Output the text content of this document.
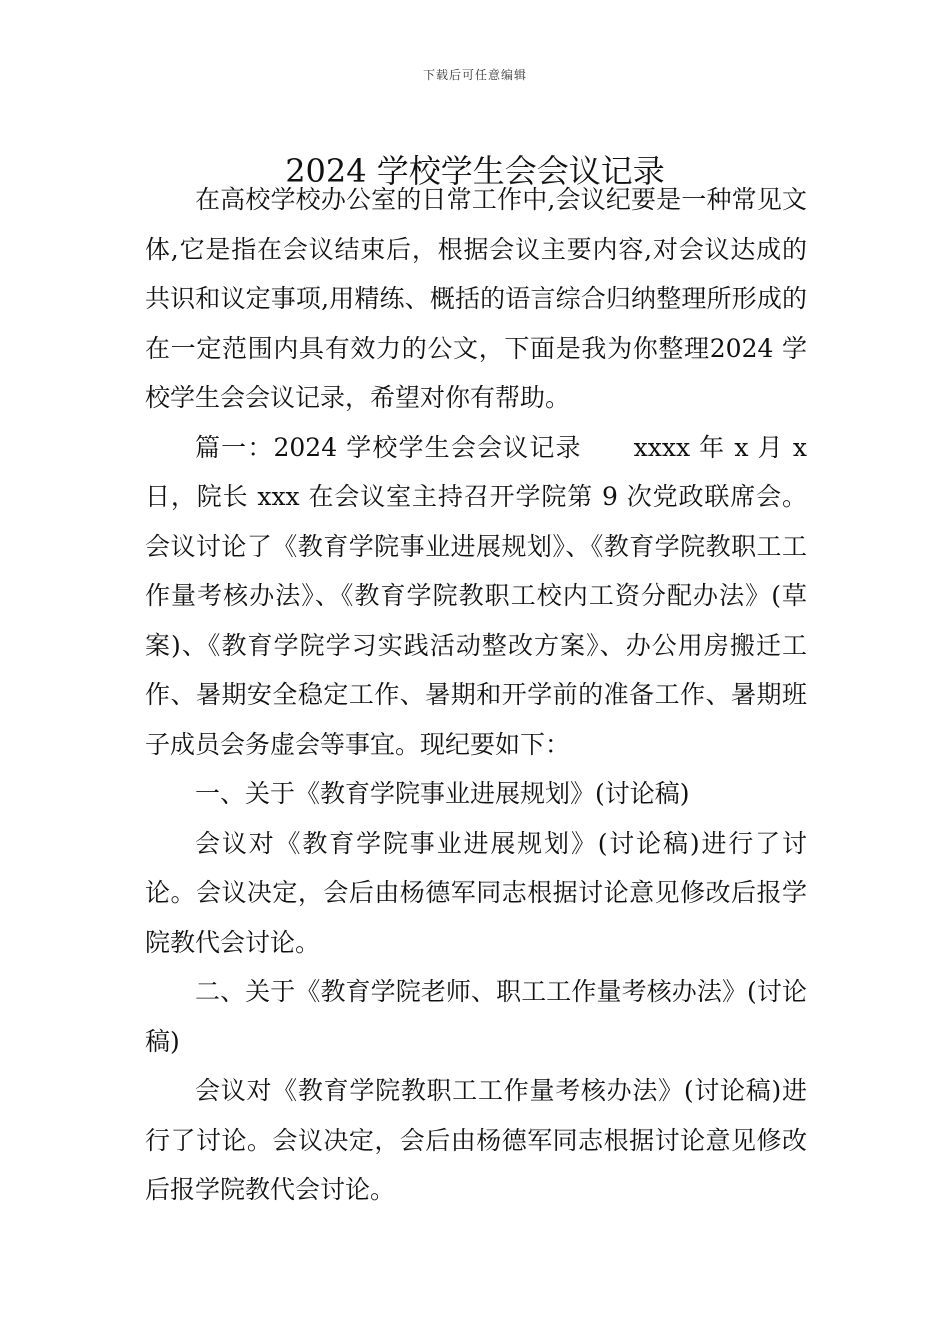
下载后可任意编辑
2024 学校学生会会议记录

在高校学校办公室的日常工作中,会议纪要是一种常见文体,它是指在会议结束后，根据会议主要内容,对会议达成的共识和议定事项,用精练、概括的语言综合归纳整理所形成的在一定范围内具有效力的公文，下面是我为你整理2024 学校学生会会议记录，希望对你有帮助。

篇一：2024 学校学生会会议记录 xxxx 年 x 月 x 日，院长 xxx 在会议室主持召开学院第 9 次党政联席会。会议讨论了《教育学院事业进展规划》、《教育学院教职工工作量考核办法》、《教育学院教职工校内工资分配办法》(草案)、《教育学院学习实践活动整改方案》、办公用房搬迁工作、暑期安全稳定工作、暑期和开学前的准备工作、暑期班子成员会务虚会等事宜。现纪要如下：

一、关于《教育学院事业进展规划》(讨论稿)

会议对《教育学院事业进展规划》(讨论稿)进行了讨论。会议决定，会后由杨德军同志根据讨论意见修改后报学院教代会讨论。

二、关于《教育学院老师、职工工作量考核办法》(讨论稿)

会议对《教育学院教职工工作量考核办法》(讨论稿)进行了讨论。会议决定，会后由杨德军同志根据讨论意见修改后报学院教代会讨论。
